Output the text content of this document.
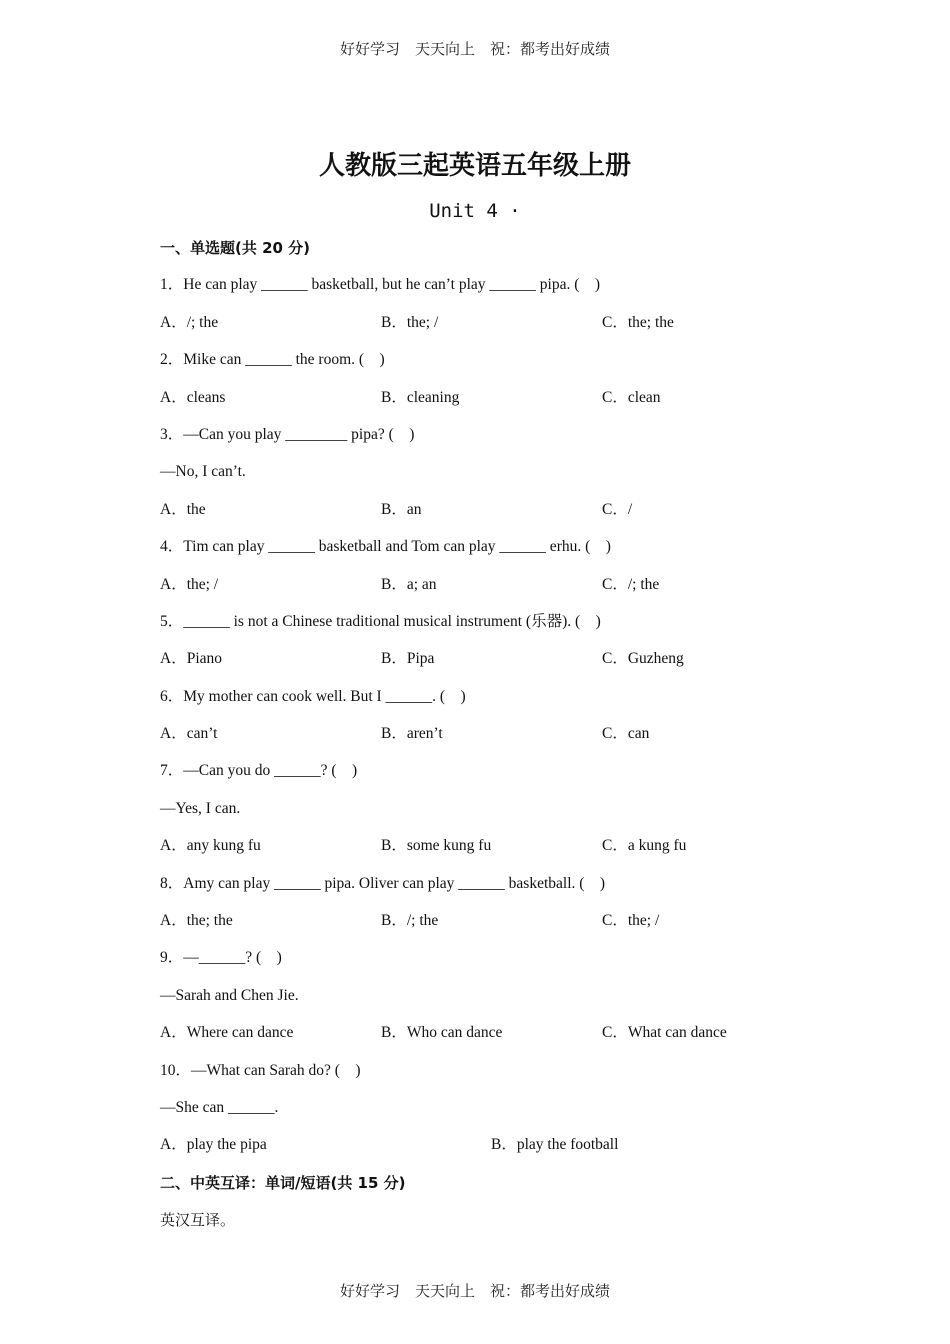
好好学习　天天向上　祝：都考出好成绩
人教版三起英语五年级上册
Unit 4 ·
一、单选题(共 20 分)
1．He can play ______ basketball, but he can’t play ______ pipa. (　)

A．/; the

	B．the; /

	C．the; the

2．Mike can ______ the room. (　)

A．cleans

	B．cleaning

	C．clean

3．—Can you play ________ pipa? (　)
—No, I can’t.

A．the

	B．an

	C．/

4．Tim can play ______ basketball and Tom can play ______ erhu. (　)

A．the; /

	B．a; an

	C．/; the

5．______ is not a Chinese traditional musical instrument (乐器). (　)

A．Piano

	B．Pipa

	C．Guzheng

6．My mother can cook well. But I ______. (　)

A．can’t

	B．aren’t

	C．can

7．—Can you do ______? (　)
—Yes, I can.

A．any kung fu

	B．some kung fu

	C．a kung fu

8．Amy can play ______ pipa. Oliver can play ______ basketball. (　)

A．the; the

	B．/; the

	C．the; /

9．—______? (　)
—Sarah and Chen Jie.

A．Where can dance

	B．Who can dance

	C．What can dance

10．—What can Sarah do? (　)
—She can ______.

A．play the pipa

	B．play the football

二、中英互译：单词/短语(共 15 分)
英汉互译。
好好学习　天天向上　祝：都考出好成绩
